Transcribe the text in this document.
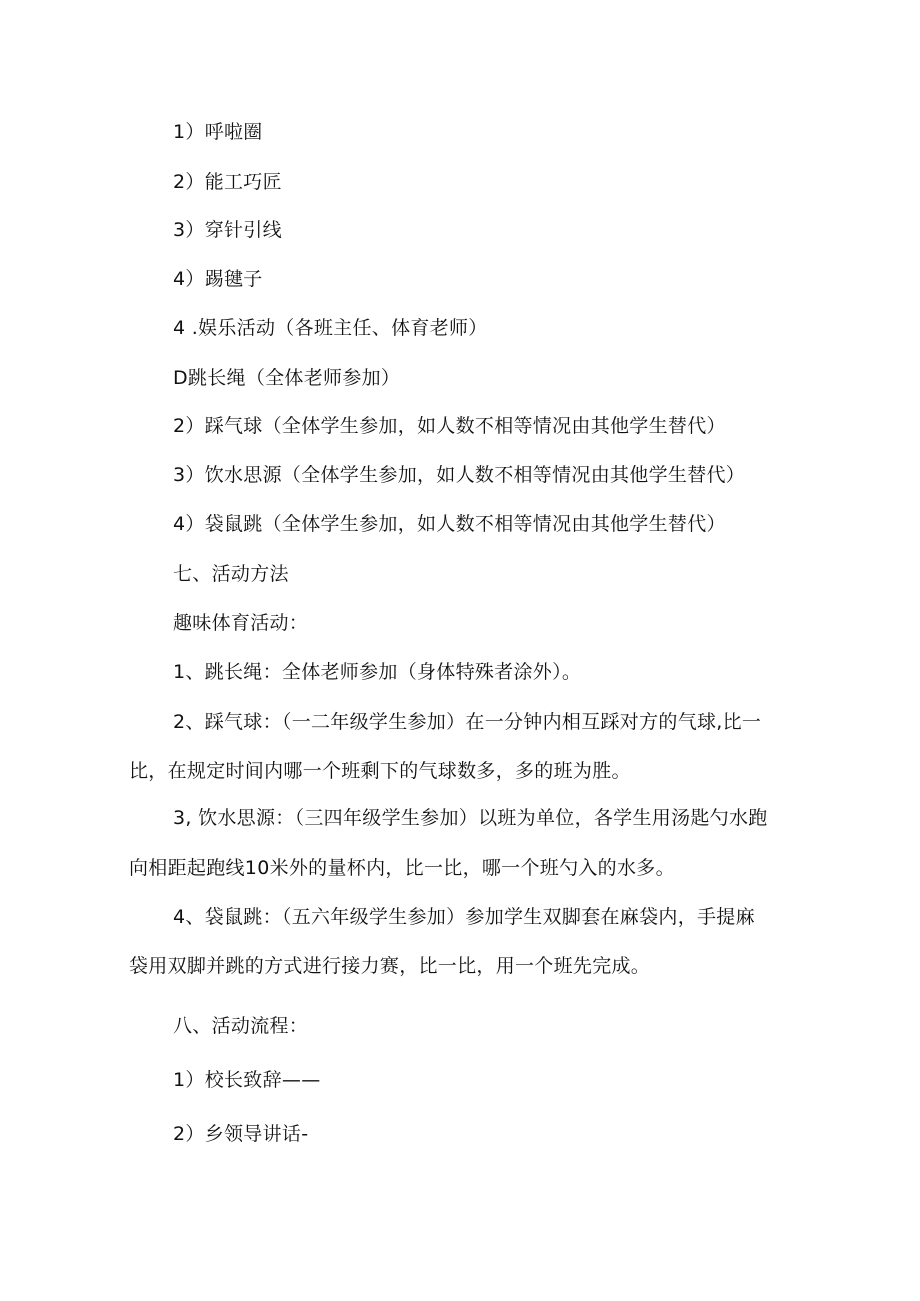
1）呼啦圈
2）能工巧匠
3）穿针引线
4）踢毽子
4 .娱乐活动（各班主任、体育老师）
D跳长绳（全体老师参加）
2）踩气球（全体学生参加，如人数不相等情况由其他学生替代）
3）饮水思源（全体学生参加，如人数不相等情况由其他学生替代）
4）袋鼠跳（全体学生参加，如人数不相等情况由其他学生替代）
七、活动方法
趣味体育活动：
1、跳长绳：全体老师参加（身体特殊者涂外）。
2、踩气球：（一二年级学生参加）在一分钟内相互踩对方的气球,比一
比，在规定时间内哪一个班剩下的气球数多，多的班为胜。
3, 饮水思源：（三四年级学生参加）以班为单位，各学生用汤匙勺水跑
向相距起跑线10米外的量杯内，比一比，哪一个班勺入的水多。
4、袋鼠跳：（五六年级学生参加）参加学生双脚套在麻袋内，手提麻
袋用双脚并跳的方式进行接力赛，比一比，用一个班先完成。
八、活动流程：
1）校长致辞——
2）乡领导讲话-
